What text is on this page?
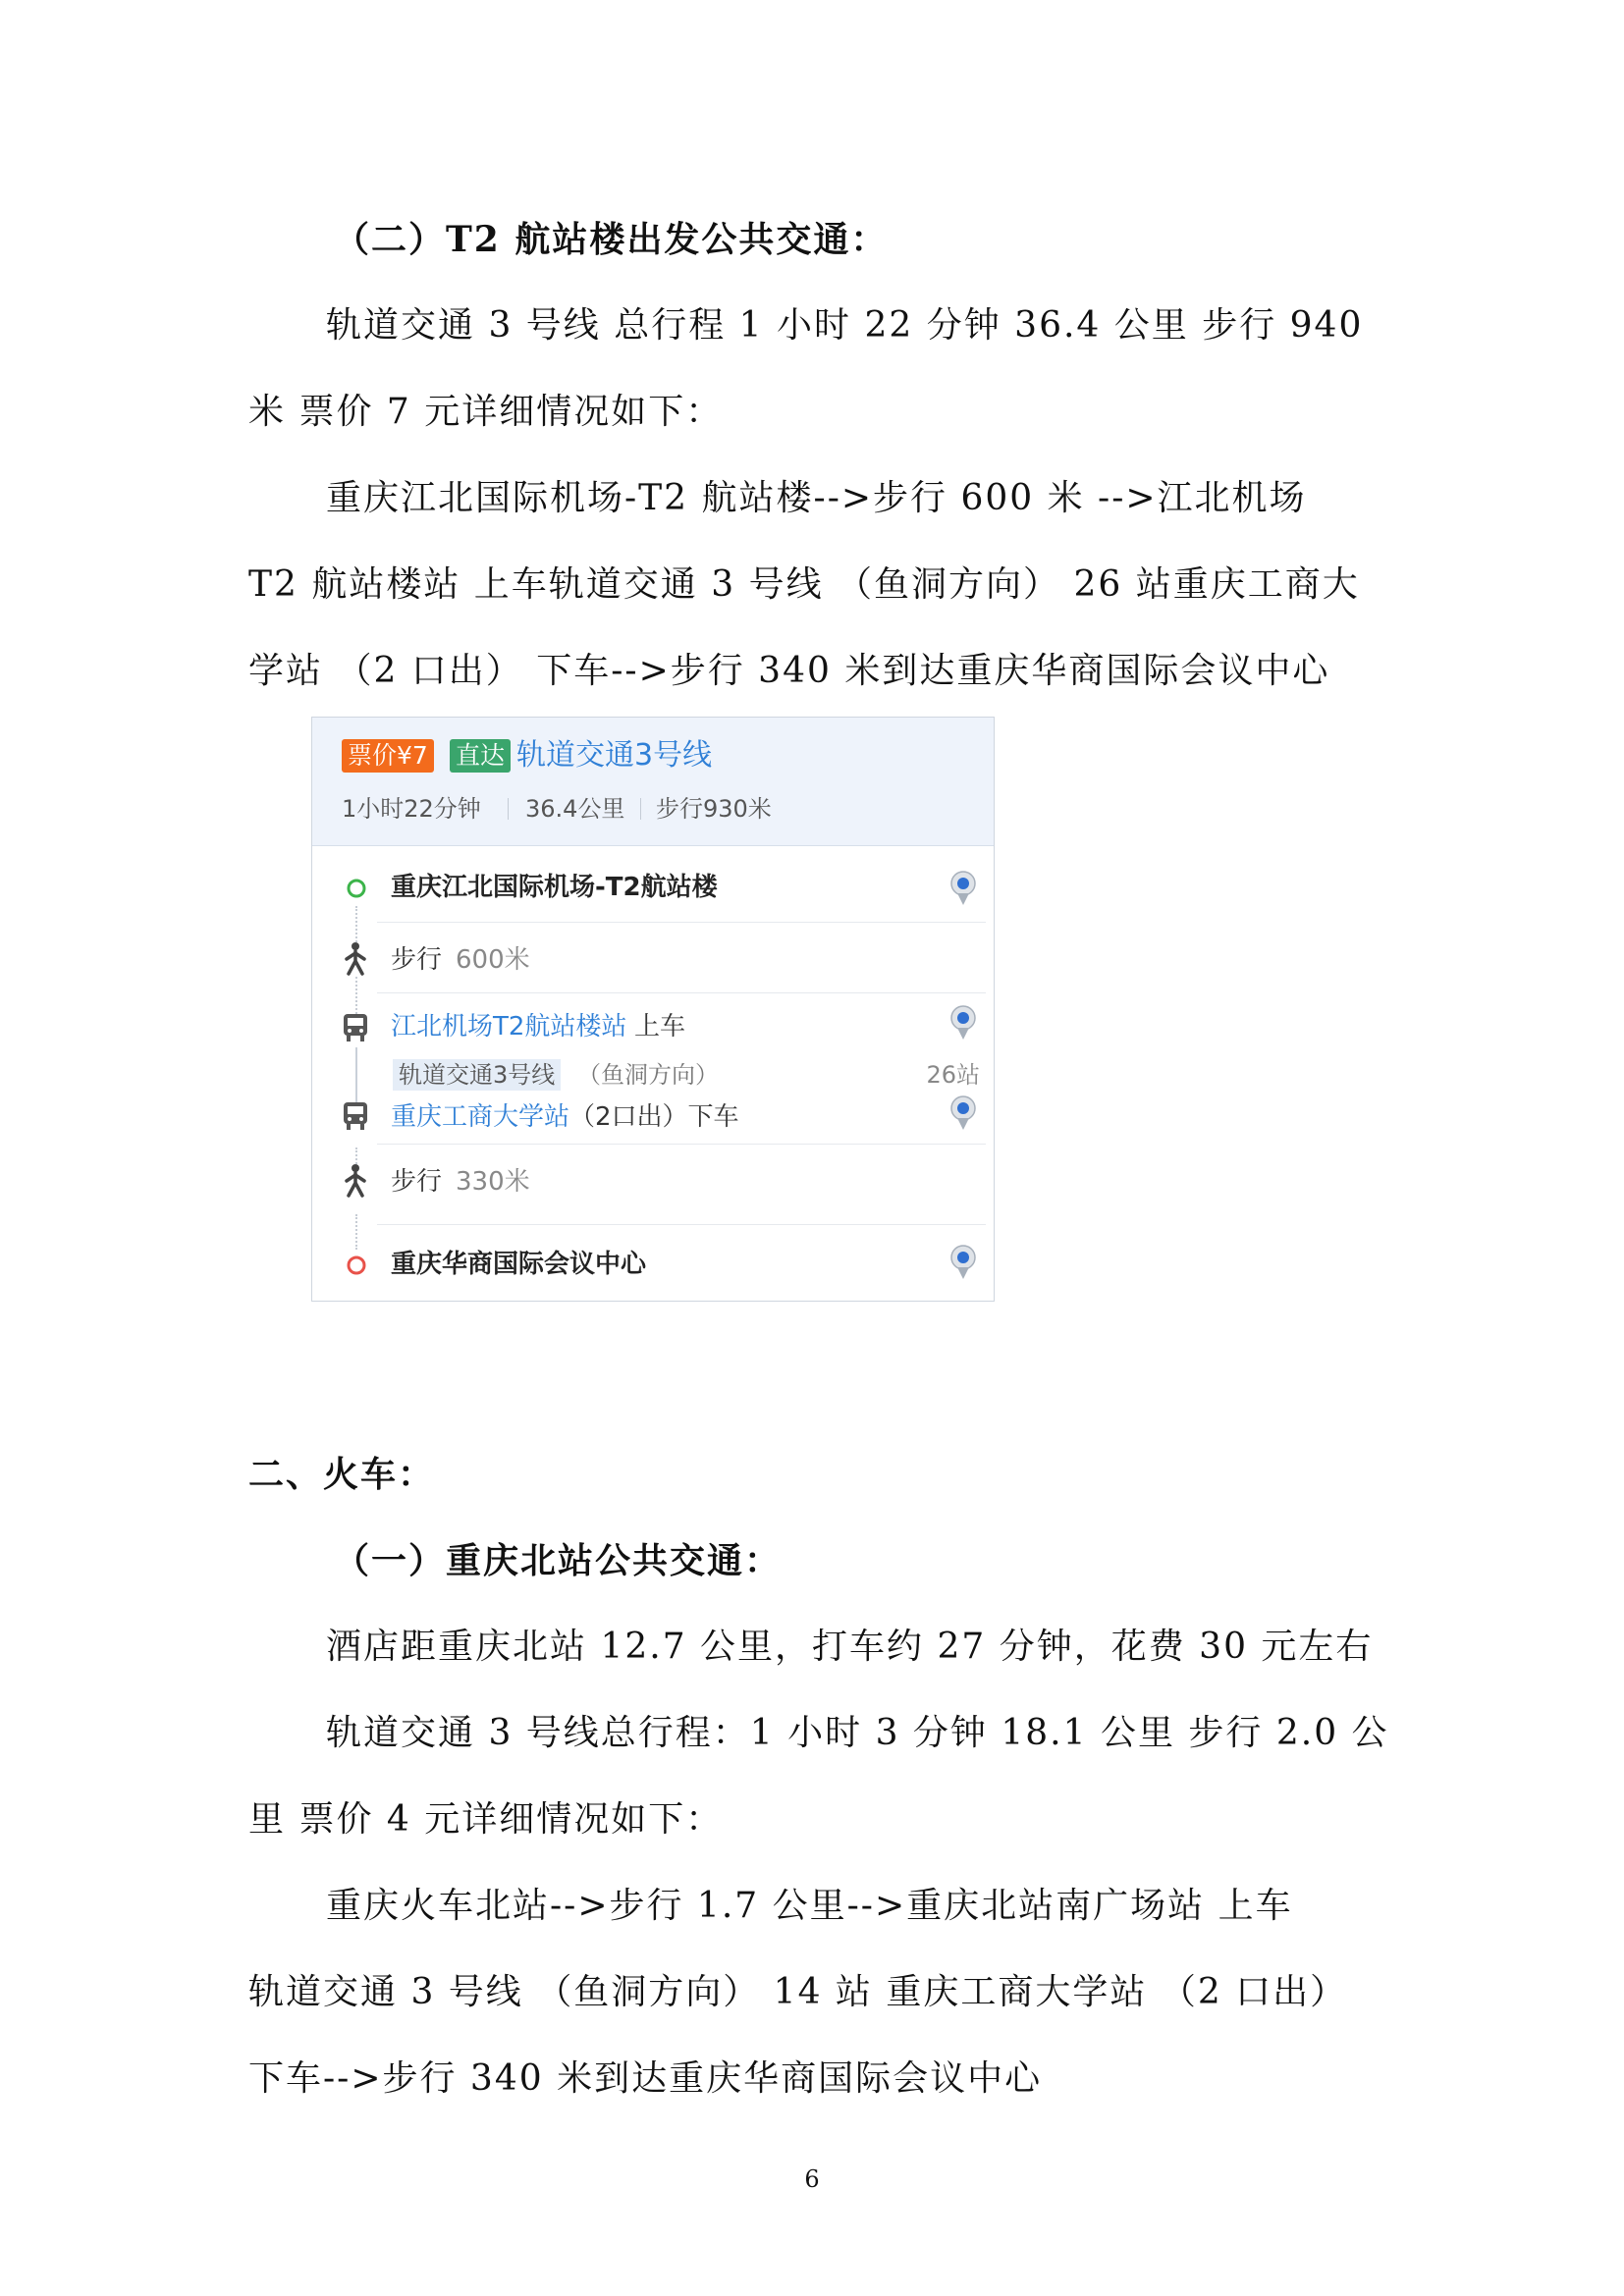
（二）T2 航站楼出发公共交通：
轨道交通 3 号线 总行程 1 小时 22 分钟 36.4 公里 步行 940
米 票价 7 元详细情况如下：
重庆江北国际机场-T2 航站楼-->步行 600 米 -->江北机场
T2 航站楼站 上车轨道交通 3 号线 （鱼洞方向） 26 站重庆工商大
学站 （2 口出） 下车-->步行 340 米到达重庆华商国际会议中心
票价¥7 直达 轨道交通3号线
1小时22分钟 36.4公里 步行930米
重庆江北国际机场-T2航站楼
步行 600米
江北机场T2航站楼站 上车
轨道交通3号线 （鱼洞方向）	26站
重庆工商大学站 （2口出）下车
步行 330米
重庆华商国际会议中心
二、火车：
（一）重庆北站公共交通：
酒店距重庆北站 12.7 公里，打车约 27 分钟，花费 30 元左右
轨道交通 3 号线总行程：1 小时 3 分钟 18.1 公里 步行 2.0 公
里 票价 4 元详细情况如下：
重庆火车北站-->步行 1.7 公里-->重庆北站南广场站 上车
轨道交通 3 号线 （鱼洞方向） 14 站 重庆工商大学站 （2 口出）
下车-->步行 340 米到达重庆华商国际会议中心
6
